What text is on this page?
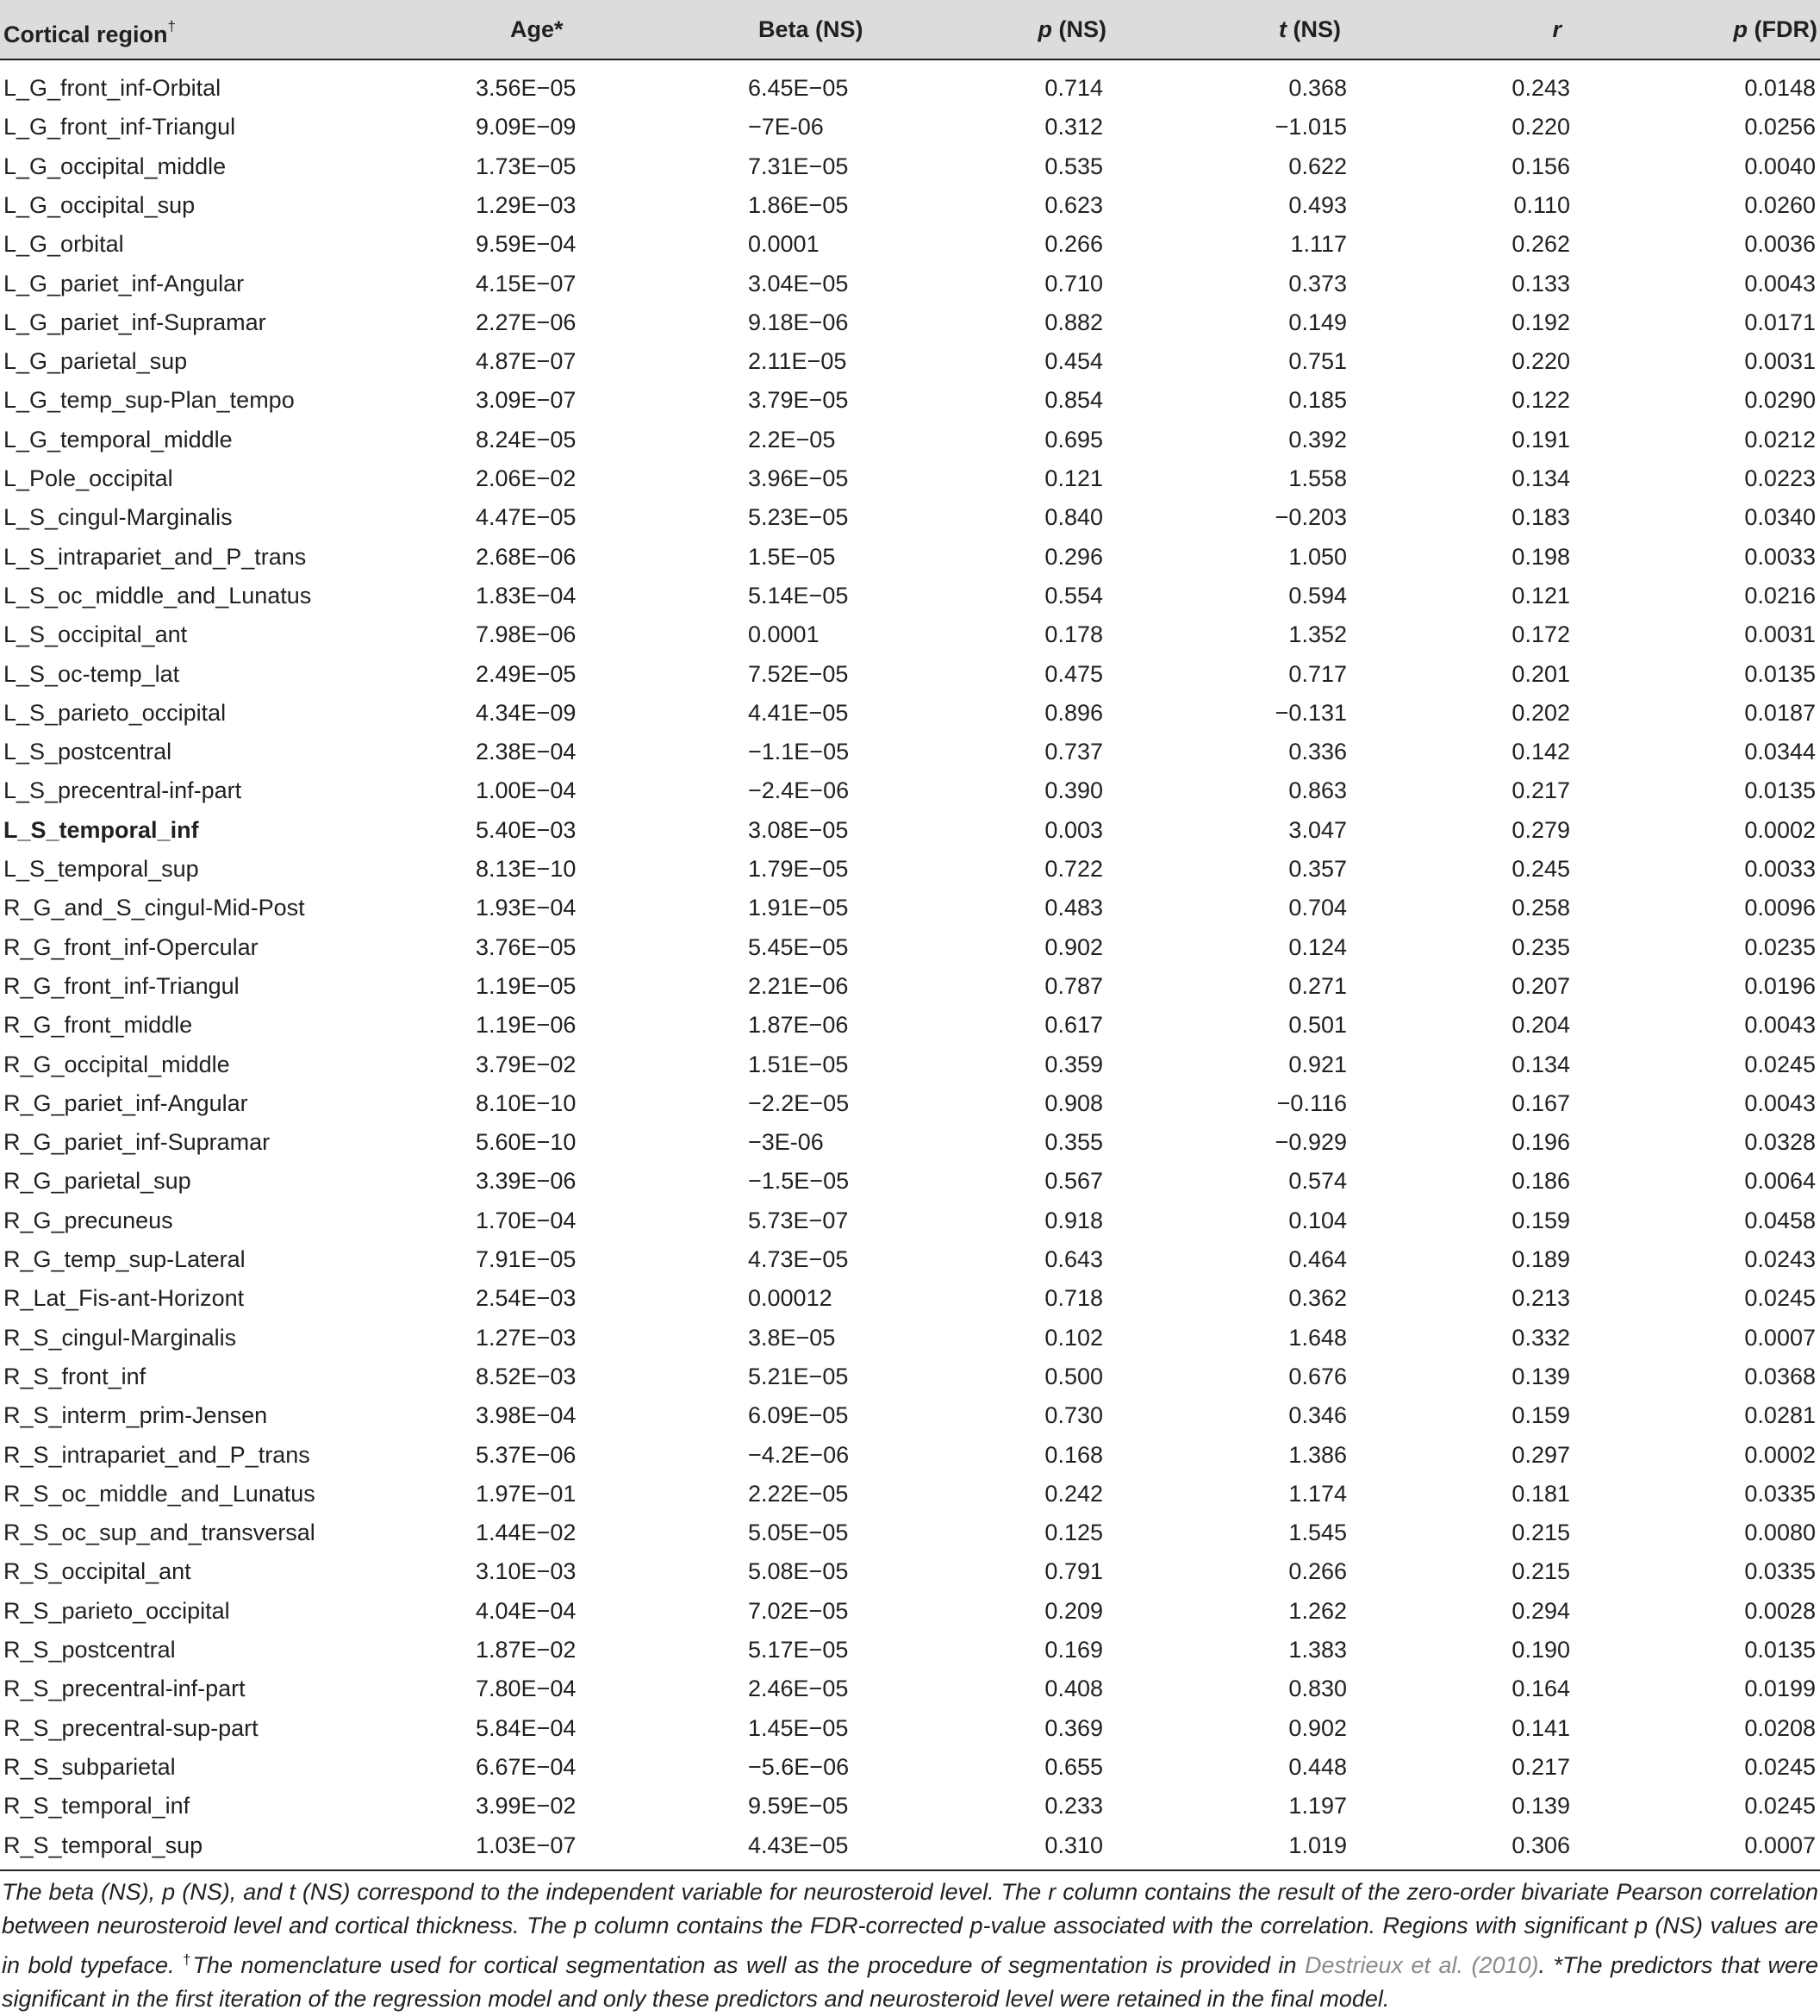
Cortical region†	Age*	Beta (NS)	p (NS)	t (NS)	r	p (FDR)
L_G_front_inf-Orbital	3.56E−05	6.45E−05	0.714	0.368	0.243	0.0148
L_G_front_inf-Triangul	9.09E−09	−7E-06	0.312	−1.015	0.220	0.0256
L_G_occipital_middle	1.73E−05	7.31E−05	0.535	0.622	0.156	0.0040
L_G_occipital_sup	1.29E−03	1.86E−05	0.623	0.493	0.110	0.0260
L_G_orbital	9.59E−04	0.0001	0.266	1.117	0.262	0.0036
L_G_pariet_inf-Angular	4.15E−07	3.04E−05	0.710	0.373	0.133	0.0043
L_G_pariet_inf-Supramar	2.27E−06	9.18E−06	0.882	0.149	0.192	0.0171
L_G_parietal_sup	4.87E−07	2.11E−05	0.454	0.751	0.220	0.0031
L_G_temp_sup-Plan_tempo	3.09E−07	3.79E−05	0.854	0.185	0.122	0.0290
L_G_temporal_middle	8.24E−05	2.2E−05	0.695	0.392	0.191	0.0212
L_Pole_occipital	2.06E−02	3.96E−05	0.121	1.558	0.134	0.0223
L_S_cingul-Marginalis	4.47E−05	5.23E−05	0.840	−0.203	0.183	0.0340
L_S_intrapariet_and_P_trans	2.68E−06	1.5E−05	0.296	1.050	0.198	0.0033
L_S_oc_middle_and_Lunatus	1.83E−04	5.14E−05	0.554	0.594	0.121	0.0216
L_S_occipital_ant	7.98E−06	0.0001	0.178	1.352	0.172	0.0031
L_S_oc-temp_lat	2.49E−05	7.52E−05	0.475	0.717	0.201	0.0135
L_S_parieto_occipital	4.34E−09	4.41E−05	0.896	−0.131	0.202	0.0187
L_S_postcentral	2.38E−04	−1.1E−05	0.737	0.336	0.142	0.0344
L_S_precentral-inf-part	1.00E−04	−2.4E−06	0.390	0.863	0.217	0.0135
L_S_temporal_inf	5.40E−03	3.08E−05	0.003	3.047	0.279	0.0002
L_S_temporal_sup	8.13E−10	1.79E−05	0.722	0.357	0.245	0.0033
R_G_and_S_cingul-Mid-Post	1.93E−04	1.91E−05	0.483	0.704	0.258	0.0096
R_G_front_inf-Opercular	3.76E−05	5.45E−05	0.902	0.124	0.235	0.0235
R_G_front_inf-Triangul	1.19E−05	2.21E−06	0.787	0.271	0.207	0.0196
R_G_front_middle	1.19E−06	1.87E−06	0.617	0.501	0.204	0.0043
R_G_occipital_middle	3.79E−02	1.51E−05	0.359	0.921	0.134	0.0245
R_G_pariet_inf-Angular	8.10E−10	−2.2E−05	0.908	−0.116	0.167	0.0043
R_G_pariet_inf-Supramar	5.60E−10	−3E-06	0.355	−0.929	0.196	0.0328
R_G_parietal_sup	3.39E−06	−1.5E−05	0.567	0.574	0.186	0.0064
R_G_precuneus	1.70E−04	5.73E−07	0.918	0.104	0.159	0.0458
R_G_temp_sup-Lateral	7.91E−05	4.73E−05	0.643	0.464	0.189	0.0243
R_Lat_Fis-ant-Horizont	2.54E−03	0.00012	0.718	0.362	0.213	0.0245
R_S_cingul-Marginalis	1.27E−03	3.8E−05	0.102	1.648	0.332	0.0007
R_S_front_inf	8.52E−03	5.21E−05	0.500	0.676	0.139	0.0368
R_S_interm_prim-Jensen	3.98E−04	6.09E−05	0.730	0.346	0.159	0.0281
R_S_intrapariet_and_P_trans	5.37E−06	−4.2E−06	0.168	1.386	0.297	0.0002
R_S_oc_middle_and_Lunatus	1.97E−01	2.22E−05	0.242	1.174	0.181	0.0335
R_S_oc_sup_and_transversal	1.44E−02	5.05E−05	0.125	1.545	0.215	0.0080
R_S_occipital_ant	3.10E−03	5.08E−05	0.791	0.266	0.215	0.0335
R_S_parieto_occipital	4.04E−04	7.02E−05	0.209	1.262	0.294	0.0028
R_S_postcentral	1.87E−02	5.17E−05	0.169	1.383	0.190	0.0135
R_S_precentral-inf-part	7.80E−04	2.46E−05	0.408	0.830	0.164	0.0199
R_S_precentral-sup-part	5.84E−04	1.45E−05	0.369	0.902	0.141	0.0208
R_S_subparietal	6.67E−04	−5.6E−06	0.655	0.448	0.217	0.0245
R_S_temporal_inf	3.99E−02	9.59E−05	0.233	1.197	0.139	0.0245
R_S_temporal_sup	1.03E−07	4.43E−05	0.310	1.019	0.306	0.0007
The beta (NS), p (NS), and t (NS) correspond to the independent variable for neurosteroid level. The r column contains the result of the zero-order bivariate Pearson correlation between neurosteroid level and cortical thickness. The p column contains the FDR-corrected p-value associated with the correlation. Regions with significant p (NS) values are in bold typeface. †The nomenclature used for cortical segmentation as well as the procedure of segmentation is provided in Destrieux et al. (2010). *The predictors that were significant in the first iteration of the regression model and only these predictors and neurosteroid level were retained in the final model.
